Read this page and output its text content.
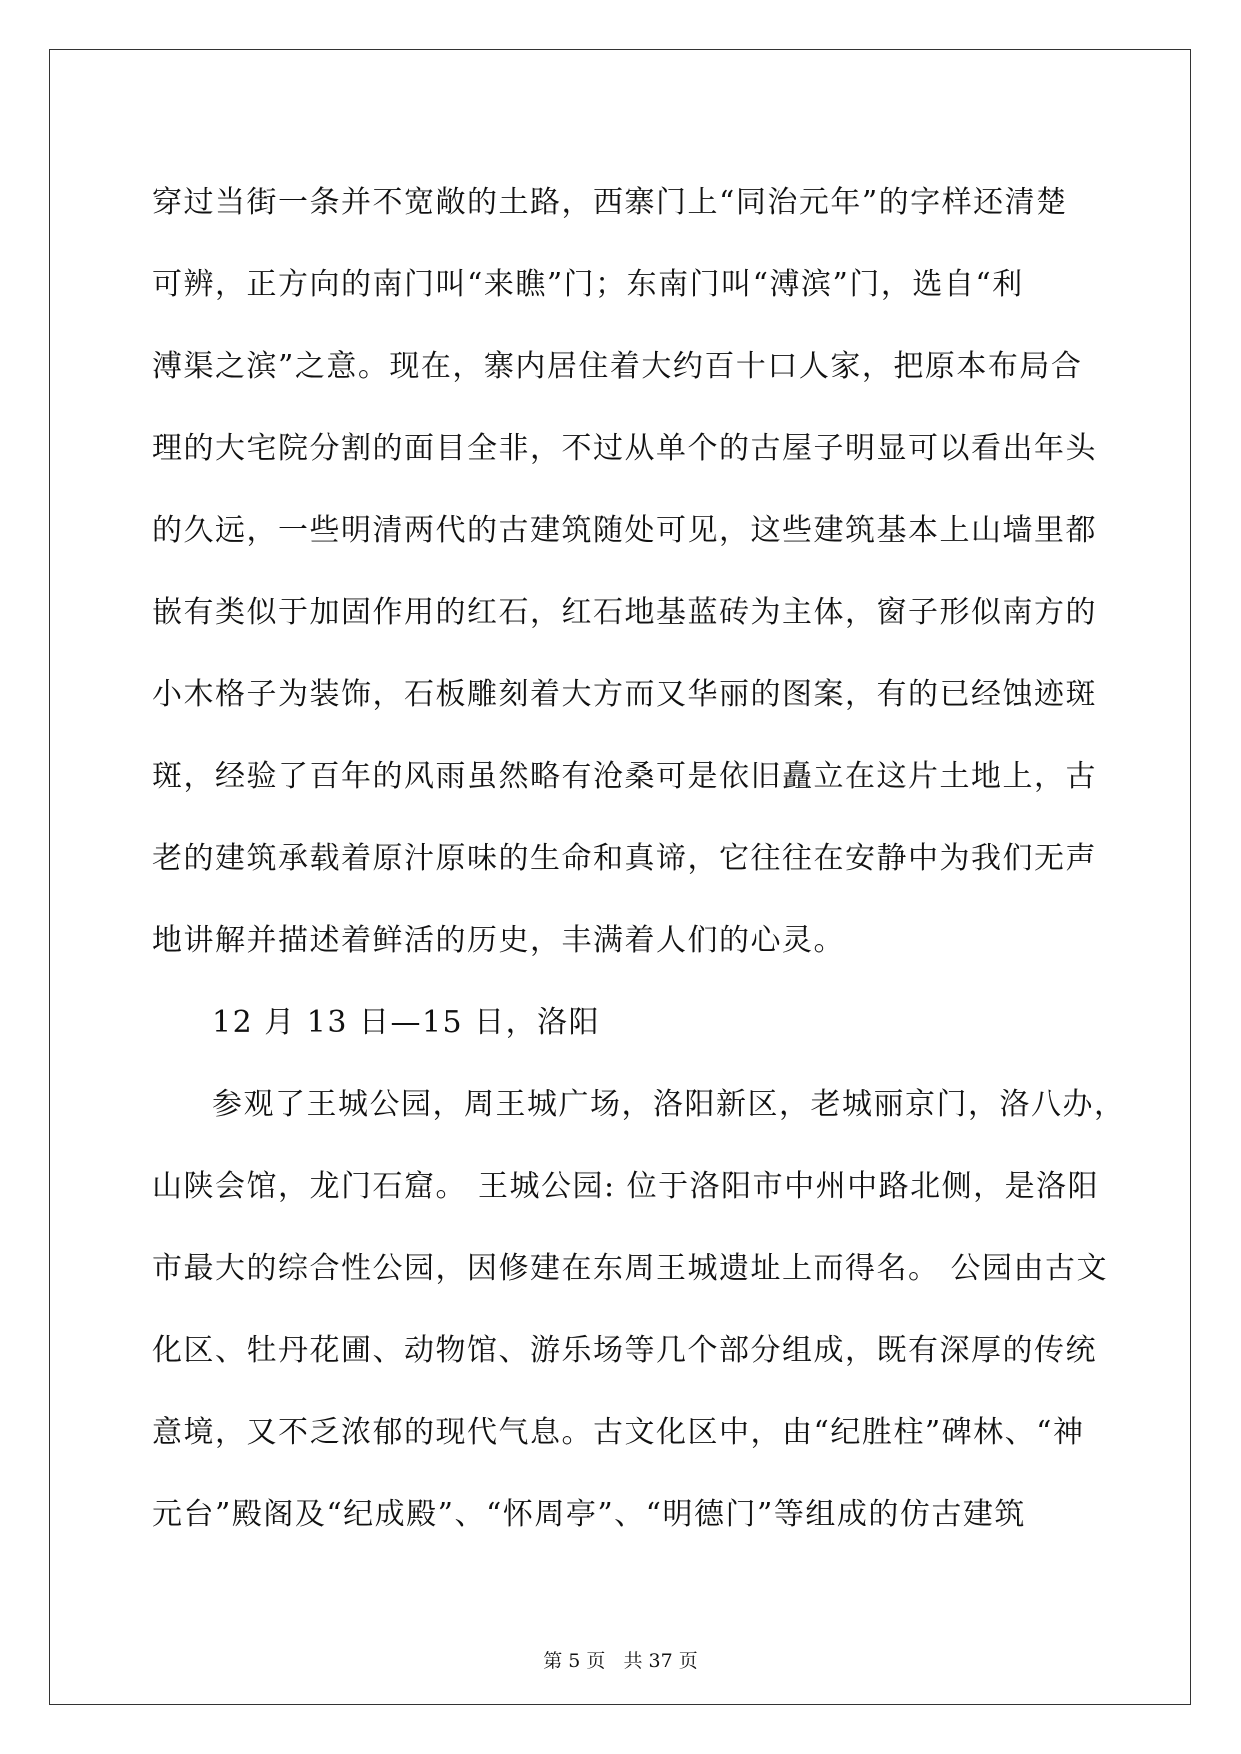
穿过当街一条并不宽敞的土路，西寨门上“同治元年”的字样还清楚
可辨，正方向的南门叫“来瞧”门；东南门叫“溥滨”门，选自“利
溥渠之滨”之意。现在，寨内居住着大约百十口人家，把原本布局合
理的大宅院分割的面目全非，不过从单个的古屋子明显可以看出年头
的久远，一些明清两代的古建筑随处可见，这些建筑基本上山墙里都
嵌有类似于加固作用的红石，红石地基蓝砖为主体，窗子形似南方的
小木格子为装饰，石板雕刻着大方而又华丽的图案，有的已经蚀迹斑
斑，经验了百年的风雨虽然略有沧桑可是依旧矗立在这片土地上，古
老的建筑承载着原汁原味的生命和真谛，它往往在安静中为我们无声
地讲解并描述着鲜活的历史，丰满着人们的心灵。
12 月 13 日—15 日，洛阳
参观了王城公园，周王城广场，洛阳新区，老城丽京门，洛八办，
山陕会馆，龙门石窟。 王城公园: 位于洛阳市中州中路北侧，是洛阳
市最大的综合性公园，因修建在东周王城遗址上而得名。 公园由古文
化区、牡丹花圃、动物馆、游乐场等几个部分组成，既有深厚的传统
意境，又不乏浓郁的现代气息。古文化区中，由“纪胜柱”碑林、“神
元台”殿阁及“纪成殿”、“怀周亭”、“明德门”等组成的仿古建筑
第 5 页 共 37 页
